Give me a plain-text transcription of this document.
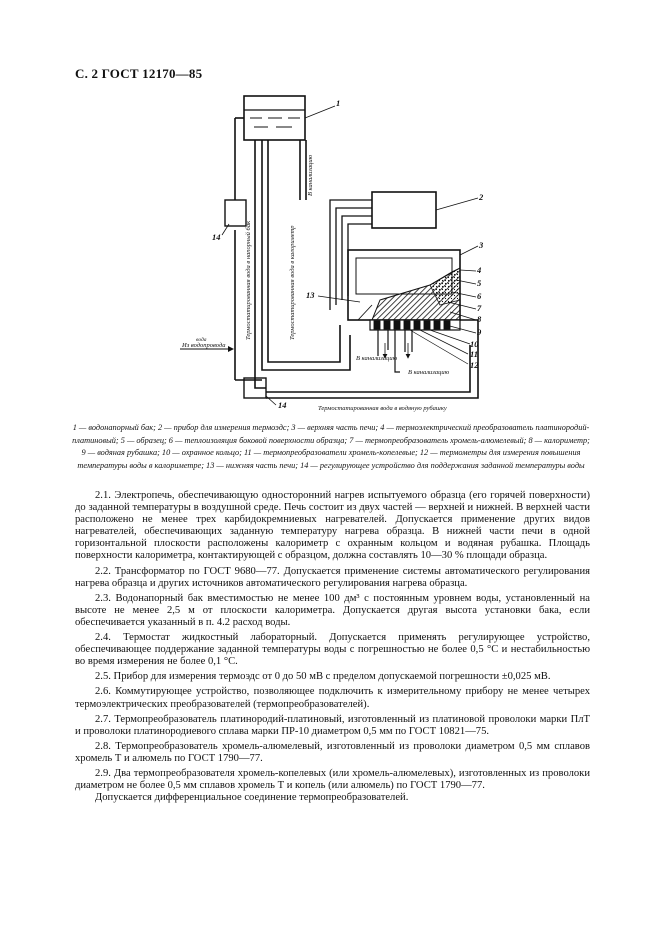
С. 2 ГОСТ 12170—85
1
2
3
4
5
6
7
8
9
10
11
12
13
14
14
В канализацию
В канализацию
В канализацию
Из водопровода
вода	Термостатированная вода в напорный бак	Термостатированная вода в калориметр
Термостатированная вода в водяную рубашку
1 — водонапорный бак; 2 — прибор для измерения термоэдс; 3 — верхняя часть печи; 4 — термоэлектрический преобразователь платинородий-платиновый; 5 — образец; 6 — теплоизоляция боковой поверхности образца; 7 — термопреобразователь хромель-алюмелевый; 8 — калориметр; 9 — водяная рубашка; 10 — охранное кольцо; 11 — термопреобразователи хромель-копелевые; 12 — термометры для измерения повышения температуры воды в калориметре; 13 — нижняя часть печи; 14 — регулирующее устройство для поддержания заданной температуры воды

2.1. Электропечь, обеспечивающую односторонний нагрев испытуемого образца (его горячей поверхности) до заданной температуры в воздушной среде. Печь состоит из двух частей — верхней и нижней. В верхней части расположено не менее трех карбидокремниевых нагревателей. Допускается применение других видов нагревателей, обеспечивающих заданную температуру нагрева образца. В нижней части печи в одной горизонтальной плоскости расположены калориметр с охранным кольцом и водяная рубашка. Площадь поверхности калориметра, контактирующей с образцом, должна составлять 10—30 % площади образца.

2.2. Трансформатор по ГОСТ 9680—77. Допускается применение системы автоматического регулирования нагрева образца и других источников автоматического регулирования нагрева образца.

2.3. Водонапорный бак вместимостью не менее 100 дм³ с постоянным уровнем воды, установленный на высоте не менее 2,5 м от плоскости калориметра. Допускается другая высота установки бака, если обеспечивается указанный в п. 4.2 расход воды.

2.4. Термостат жидкостный лабораторный. Допускается применять регулирующее устройство, обеспечивающее поддержание заданной температуры воды с погрешностью не более 0,5 °С и нестабильностью во время измерения не более 0,1 °С.

2.5. Прибор для измерения термоэдс от 0 до 50 мВ с пределом допускаемой погрешности ±0,025 мВ.

2.6. Коммутирующее устройство, позволяющее подключить к измерительному прибору не менее четырех термоэлектрических преобразователей (термопреобразователей).

2.7. Термопреобразователь платинородий-платиновый, изготовленный из платиновой проволоки марки ПлТ и проволоки платинородиевого сплава марки ПР-10 диаметром 0,5 мм по ГОСТ 10821—75.

2.8. Термопреобразователь хромель-алюмелевый, изготовленный из проволоки диаметром 0,5 мм сплавов хромель Т и алюмель по ГОСТ 1790—77.

2.9. Два термопреобразователя хромель-копелевых (или хромель-алюмелевых), изготовленных из проволоки диаметром не более 0,5 мм сплавов хромель Т и копель (или алюмель) по ГОСТ 1790—77.

Допускается дифференциальное соединение термопреобразователей.
